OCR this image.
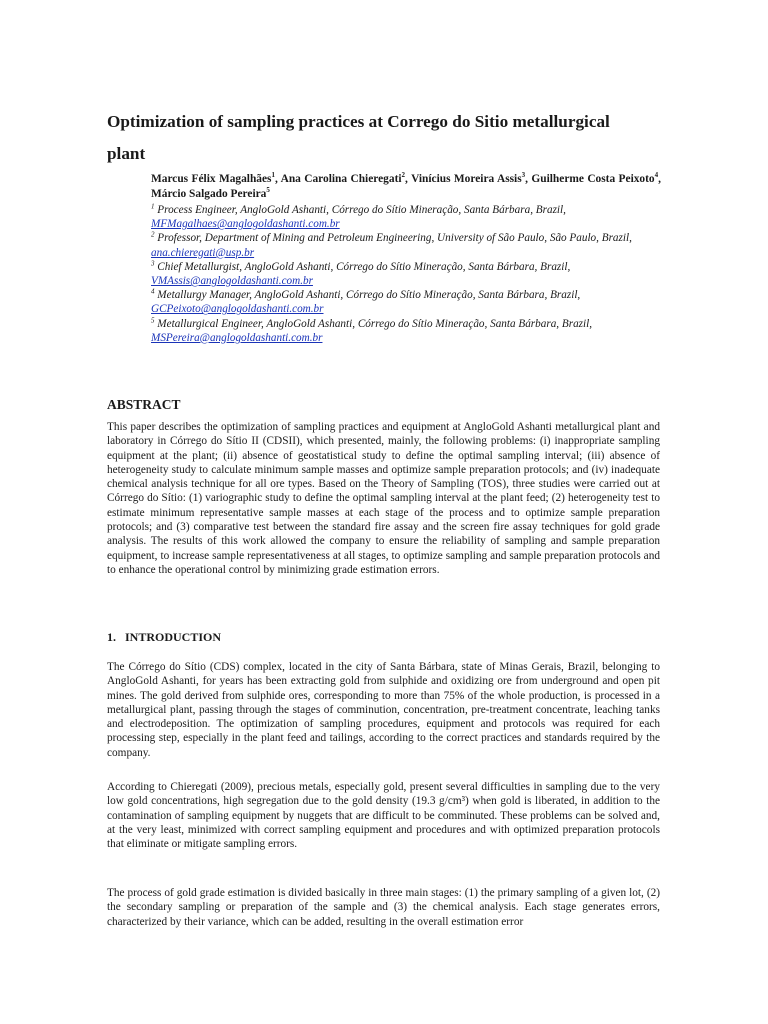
Optimization of sampling practices at Corrego do Sitio metallurgical plant

Marcus Félix Magalhães$^1$, Ana Carolina Chieregati$^2$, Vinícius Moreira Assis$^3$, Guilherme Costa Peixoto$^4$, Márcio Salgado Pereira$^5$

$^1$ Process Engineer, AngloGold Ashanti, Córrego do Sítio Mineração, Santa Bárbara, Brazil,
MFMagalhaes@anglogoldashanti.com.br

$^2$ Professor, Department of Mining and Petroleum Engineering, University of São Paulo, São Paulo, Brazil, ana.chieregati@usp.br

$^3$ Chief Metallurgist, AngloGold Ashanti, Córrego do Sítio Mineração, Santa Bárbara, Brazil,
VMAssis@anglogoldashanti.com.br

$^4$ Metallurgy Manager, AngloGold Ashanti, Córrego do Sítio Mineração, Santa Bárbara, Brazil,
GCPeixoto@anglogoldashanti.com.br

$^5$ Metallurgical Engineer, AngloGold Ashanti, Córrego do Sítio Mineração, Santa Bárbara, Brazil,
MSPereira@anglogoldashanti.com.br

ABSTRACT

This paper describes the optimization of sampling practices and equipment at AngloGold Ashanti metallurgical plant and laboratory in Córrego do Sítio II (CDSII), which presented, mainly, the following problems: (i) inappropriate sampling equipment at the plant; (ii) absence of geostatistical study to define the optimal sampling interval; (iii) absence of heterogeneity study to calculate minimum sample masses and optimize sample preparation protocols; and (iv) inadequate chemical analysis technique for all ore types. Based on the Theory of Sampling (TOS), three studies were carried out at Córrego do Sítio: (1) variographic study to define the optimal sampling interval at the plant feed; (2) heterogeneity test to estimate minimum representative sample masses at each stage of the process and to optimize sample preparation protocols; and (3) comparative test between the standard fire assay and the screen fire assay techniques for gold grade analysis. The results of this work allowed the company to ensure the reliability of sampling and sample preparation equipment, to increase sample representativeness at all stages, to optimize sampling and sample preparation protocols and to enhance the operational control by minimizing grade estimation errors.

1.   INTRODUCTION

The Córrego do Sítio (CDS) complex, located in the city of Santa Bárbara, state of Minas Gerais, Brazil, belonging to AngloGold Ashanti, for years has been extracting gold from sulphide and oxidizing ore from underground and open pit mines. The gold derived from sulphide ores, corresponding to more than 75% of the whole production, is processed in a metallurgical plant, passing through the stages of comminution, concentration, pre-treatment concentrate, leaching tanks and electrodeposition. The optimization of sampling procedures, equipment and protocols was required for each processing step, especially in the plant feed and tailings, according to the correct practices and standards required by the company.

According to Chieregati (2009), precious metals, especially gold, present several difficulties in sampling due to the very low gold concentrations, high segregation due to the gold density (19.3 g/cm³) when gold is liberated, in addition to the contamination of sampling equipment by nuggets that are difficult to be comminuted. These problems can be solved and, at the very least, minimized with correct sampling equipment and procedures and with optimized preparation protocols that eliminate or mitigate sampling errors.

The process of gold grade estimation is divided basically in three main stages: (1) the primary sampling of a given lot, (2) the secondary sampling or preparation of the sample and (3) the chemical analysis. Each stage generates errors, characterized by their variance, which can be added, resulting in the overall estimation error
